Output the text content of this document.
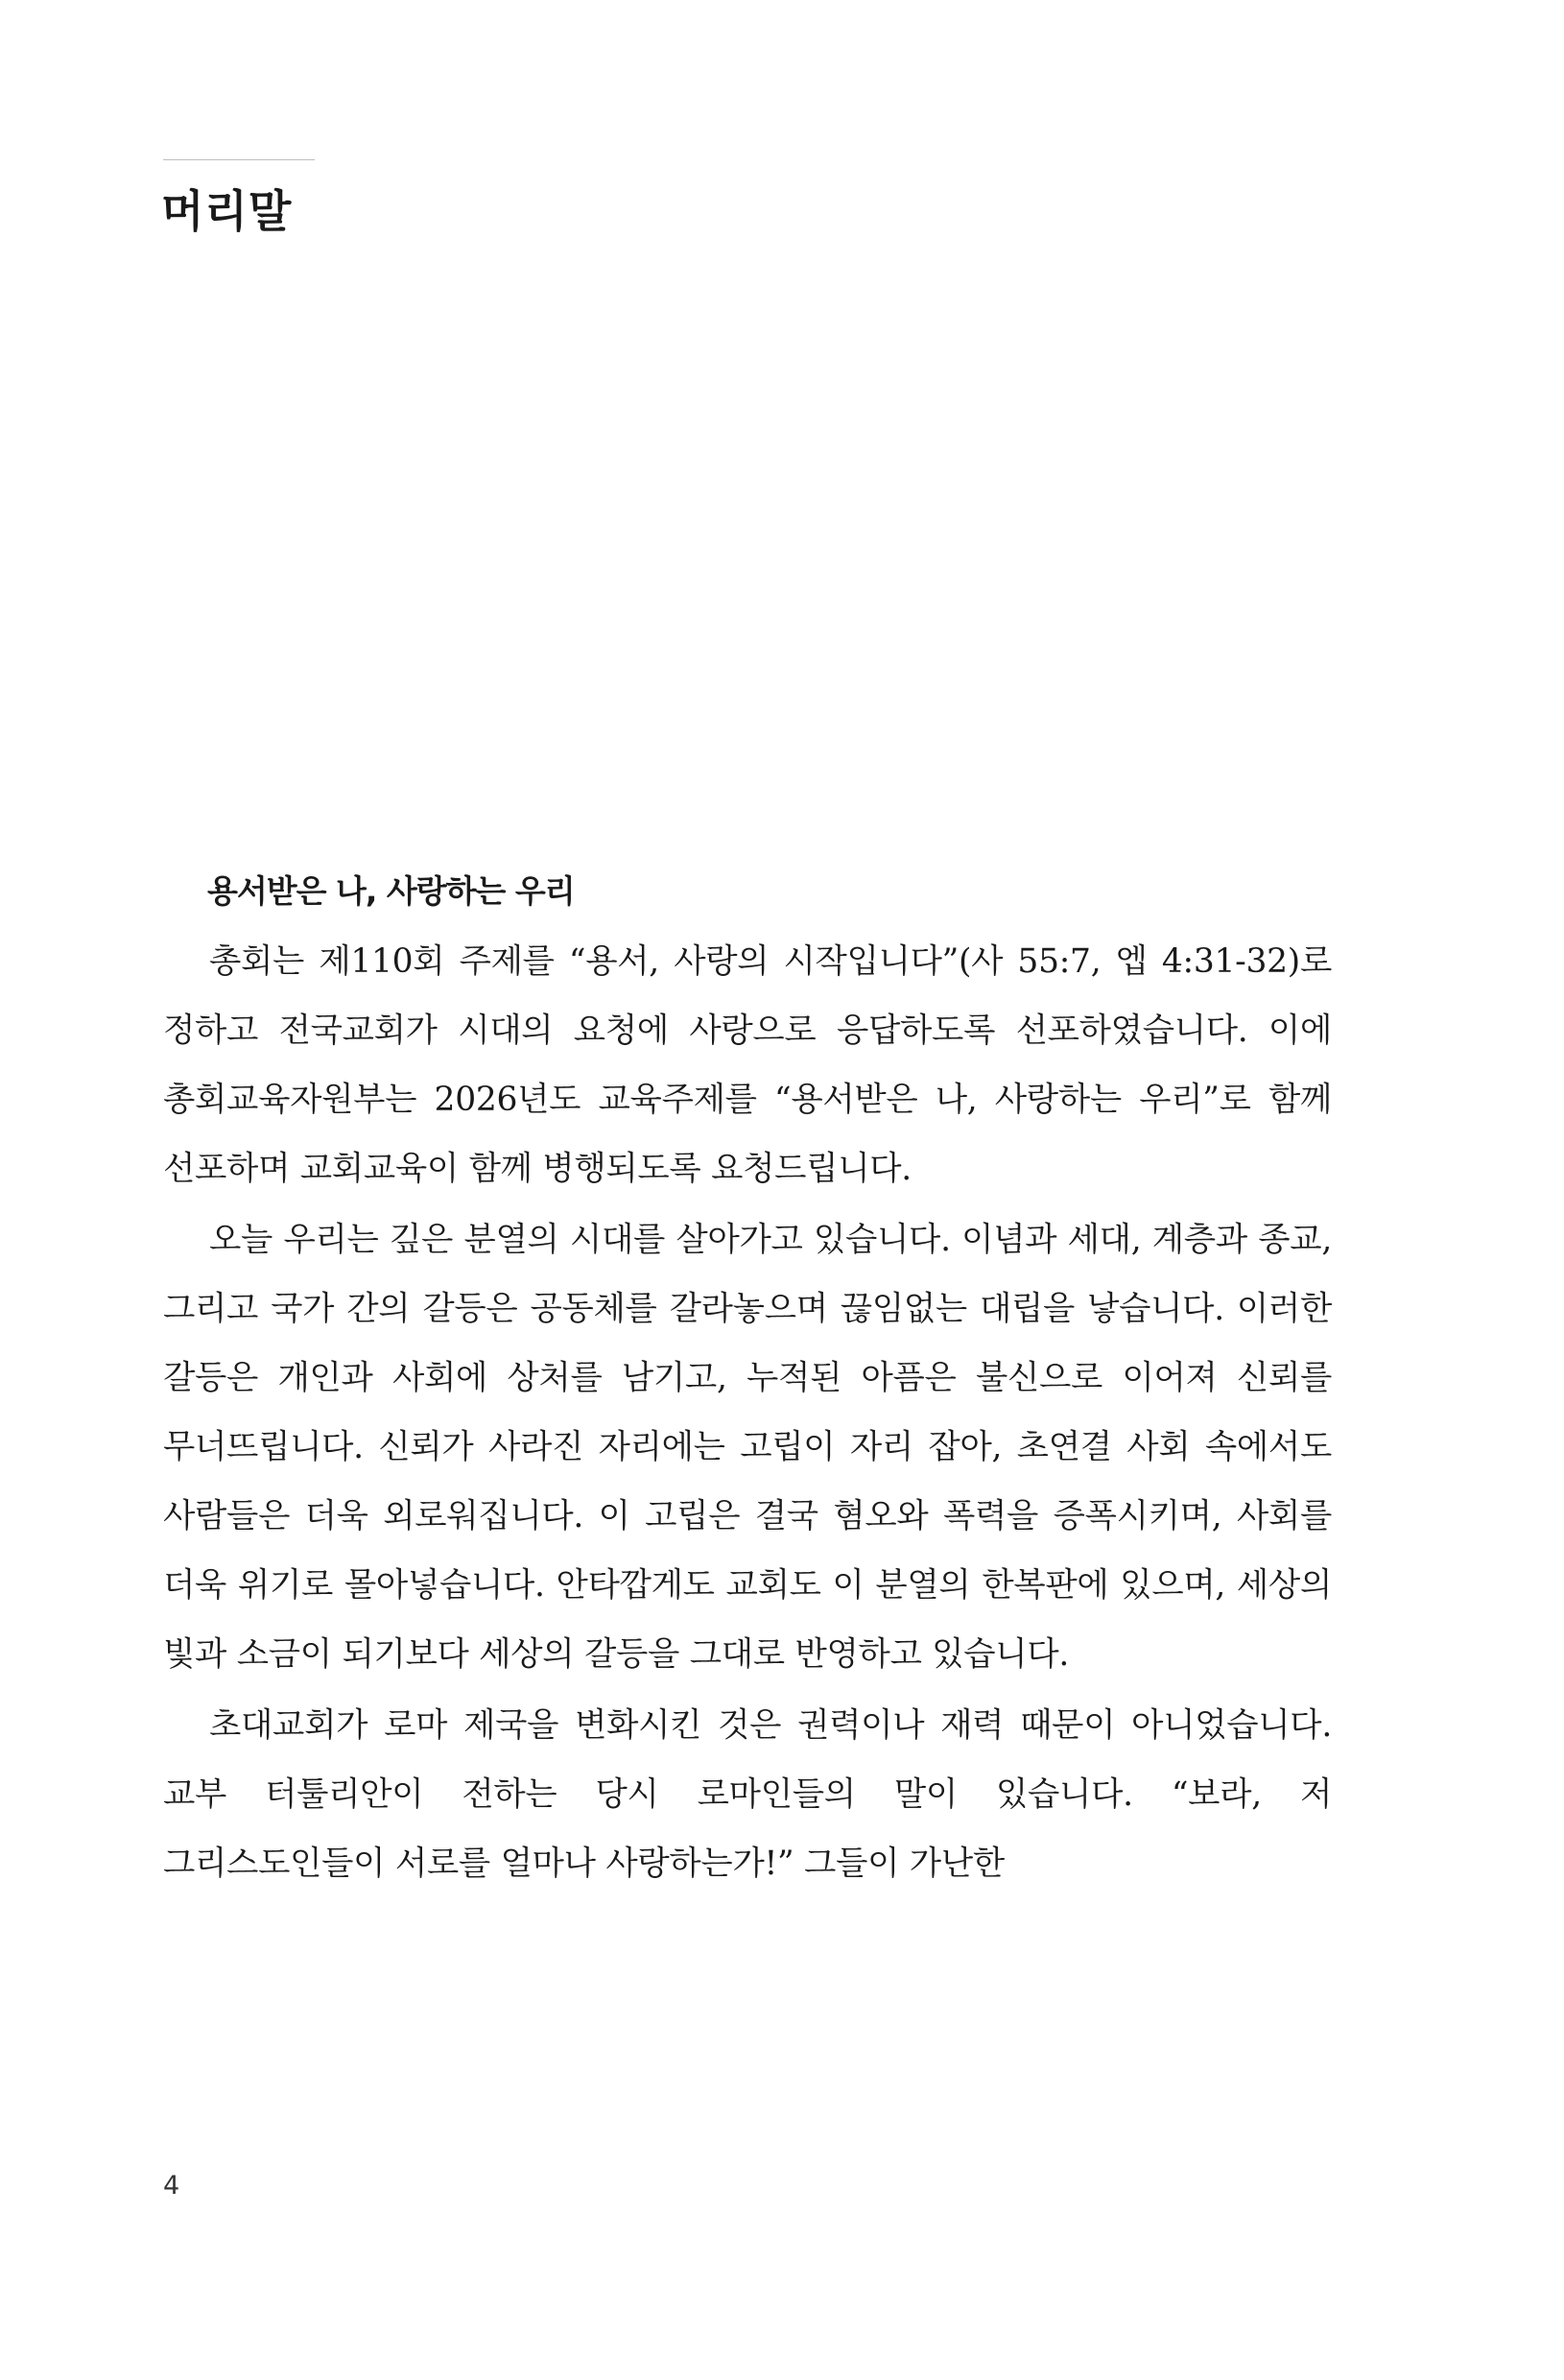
머리말
용서받은 나, 사랑하는 우리

총회는 제110회 주제를 “용서, 사랑의 시작입니다”(사 55:7, 엡 4:31-32)로 정하고 전국교회가 시대의 요청에 사랑으로 응답하도록 선포하였습니다. 이에 총회교육자원부는 2026년도 교육주제를 “용서받은 나, 사랑하는 우리”로 함께 선포하며 교회교육이 함께 병행되도록 요청드립니다.

오늘 우리는 깊은 분열의 시대를 살아가고 있습니다. 이념과 세대, 계층과 종교, 그리고 국가 간의 갈등은 공동체를 갈라놓으며 끊임없는 대립을 낳습니다. 이러한 갈등은 개인과 사회에 상처를 남기고, 누적된 아픔은 불신으로 이어져 신뢰를 무너뜨립니다. 신뢰가 사라진 자리에는 고립이 자리 잡아, 초연결 사회 속에서도 사람들은 더욱 외로워집니다. 이 고립은 결국 혐오와 폭력을 증폭시키며, 사회를 더욱 위기로 몰아넣습니다. 안타깝게도 교회도 이 분열의 한복판에 있으며, 세상의 빛과 소금이 되기보다 세상의 갈등을 그대로 반영하고 있습니다.

초대교회가 로마 제국을 변화시킨 것은 권력이나 재력 때문이 아니었습니다. 교부 터툴리안이 전하는 당시 로마인들의 말이 있습니다. “보라, 저 그리스도인들이 서로를 얼마나 사랑하는가!” 그들이 가난한

4
